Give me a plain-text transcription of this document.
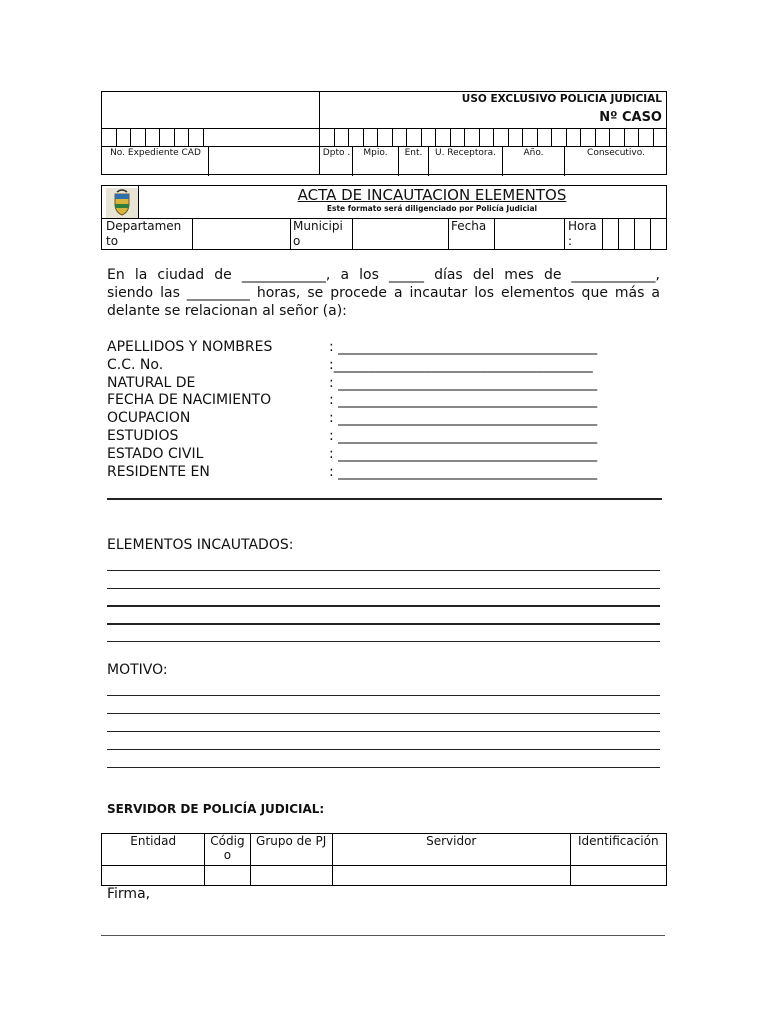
No. Expediente CAD
USO EXCLUSIVO POLICIA JUDICIAL
Nº CASO
Dpto .	Mpio.	Ent.	U. Receptora.	Año.	Consecutivo.
ACTA DE INCAUTACION ELEMENTOS
Este formato será diligenciado por Policía Judicial
Departamen to
Municipi o
Fecha	Hora :
En la ciudad de ____________, a los _____ días del mes de ____________,
siendo las _________ horas, se procede a incautar los elementos que más a
delante se relacionan al señor (a):
APELLIDOS Y NOMBRES	: _____________________________________
C.C. No.	:_____________________________________
NATURAL DE	: _____________________________________
FECHA DE NACIMIENTO	: _____________________________________
OCUPACION	: _____________________________________
ESTUDIOS	: _____________________________________
ESTADO CIVIL	: _____________________________________
RESIDENTE EN	: _____________________________________
ELEMENTOS INCAUTADOS:
MOTIVO:
SERVIDOR DE POLICÍA JUDICIAL:
Entidad	Códig o	Grupo de PJ	Servidor	Identificación

Firma,
